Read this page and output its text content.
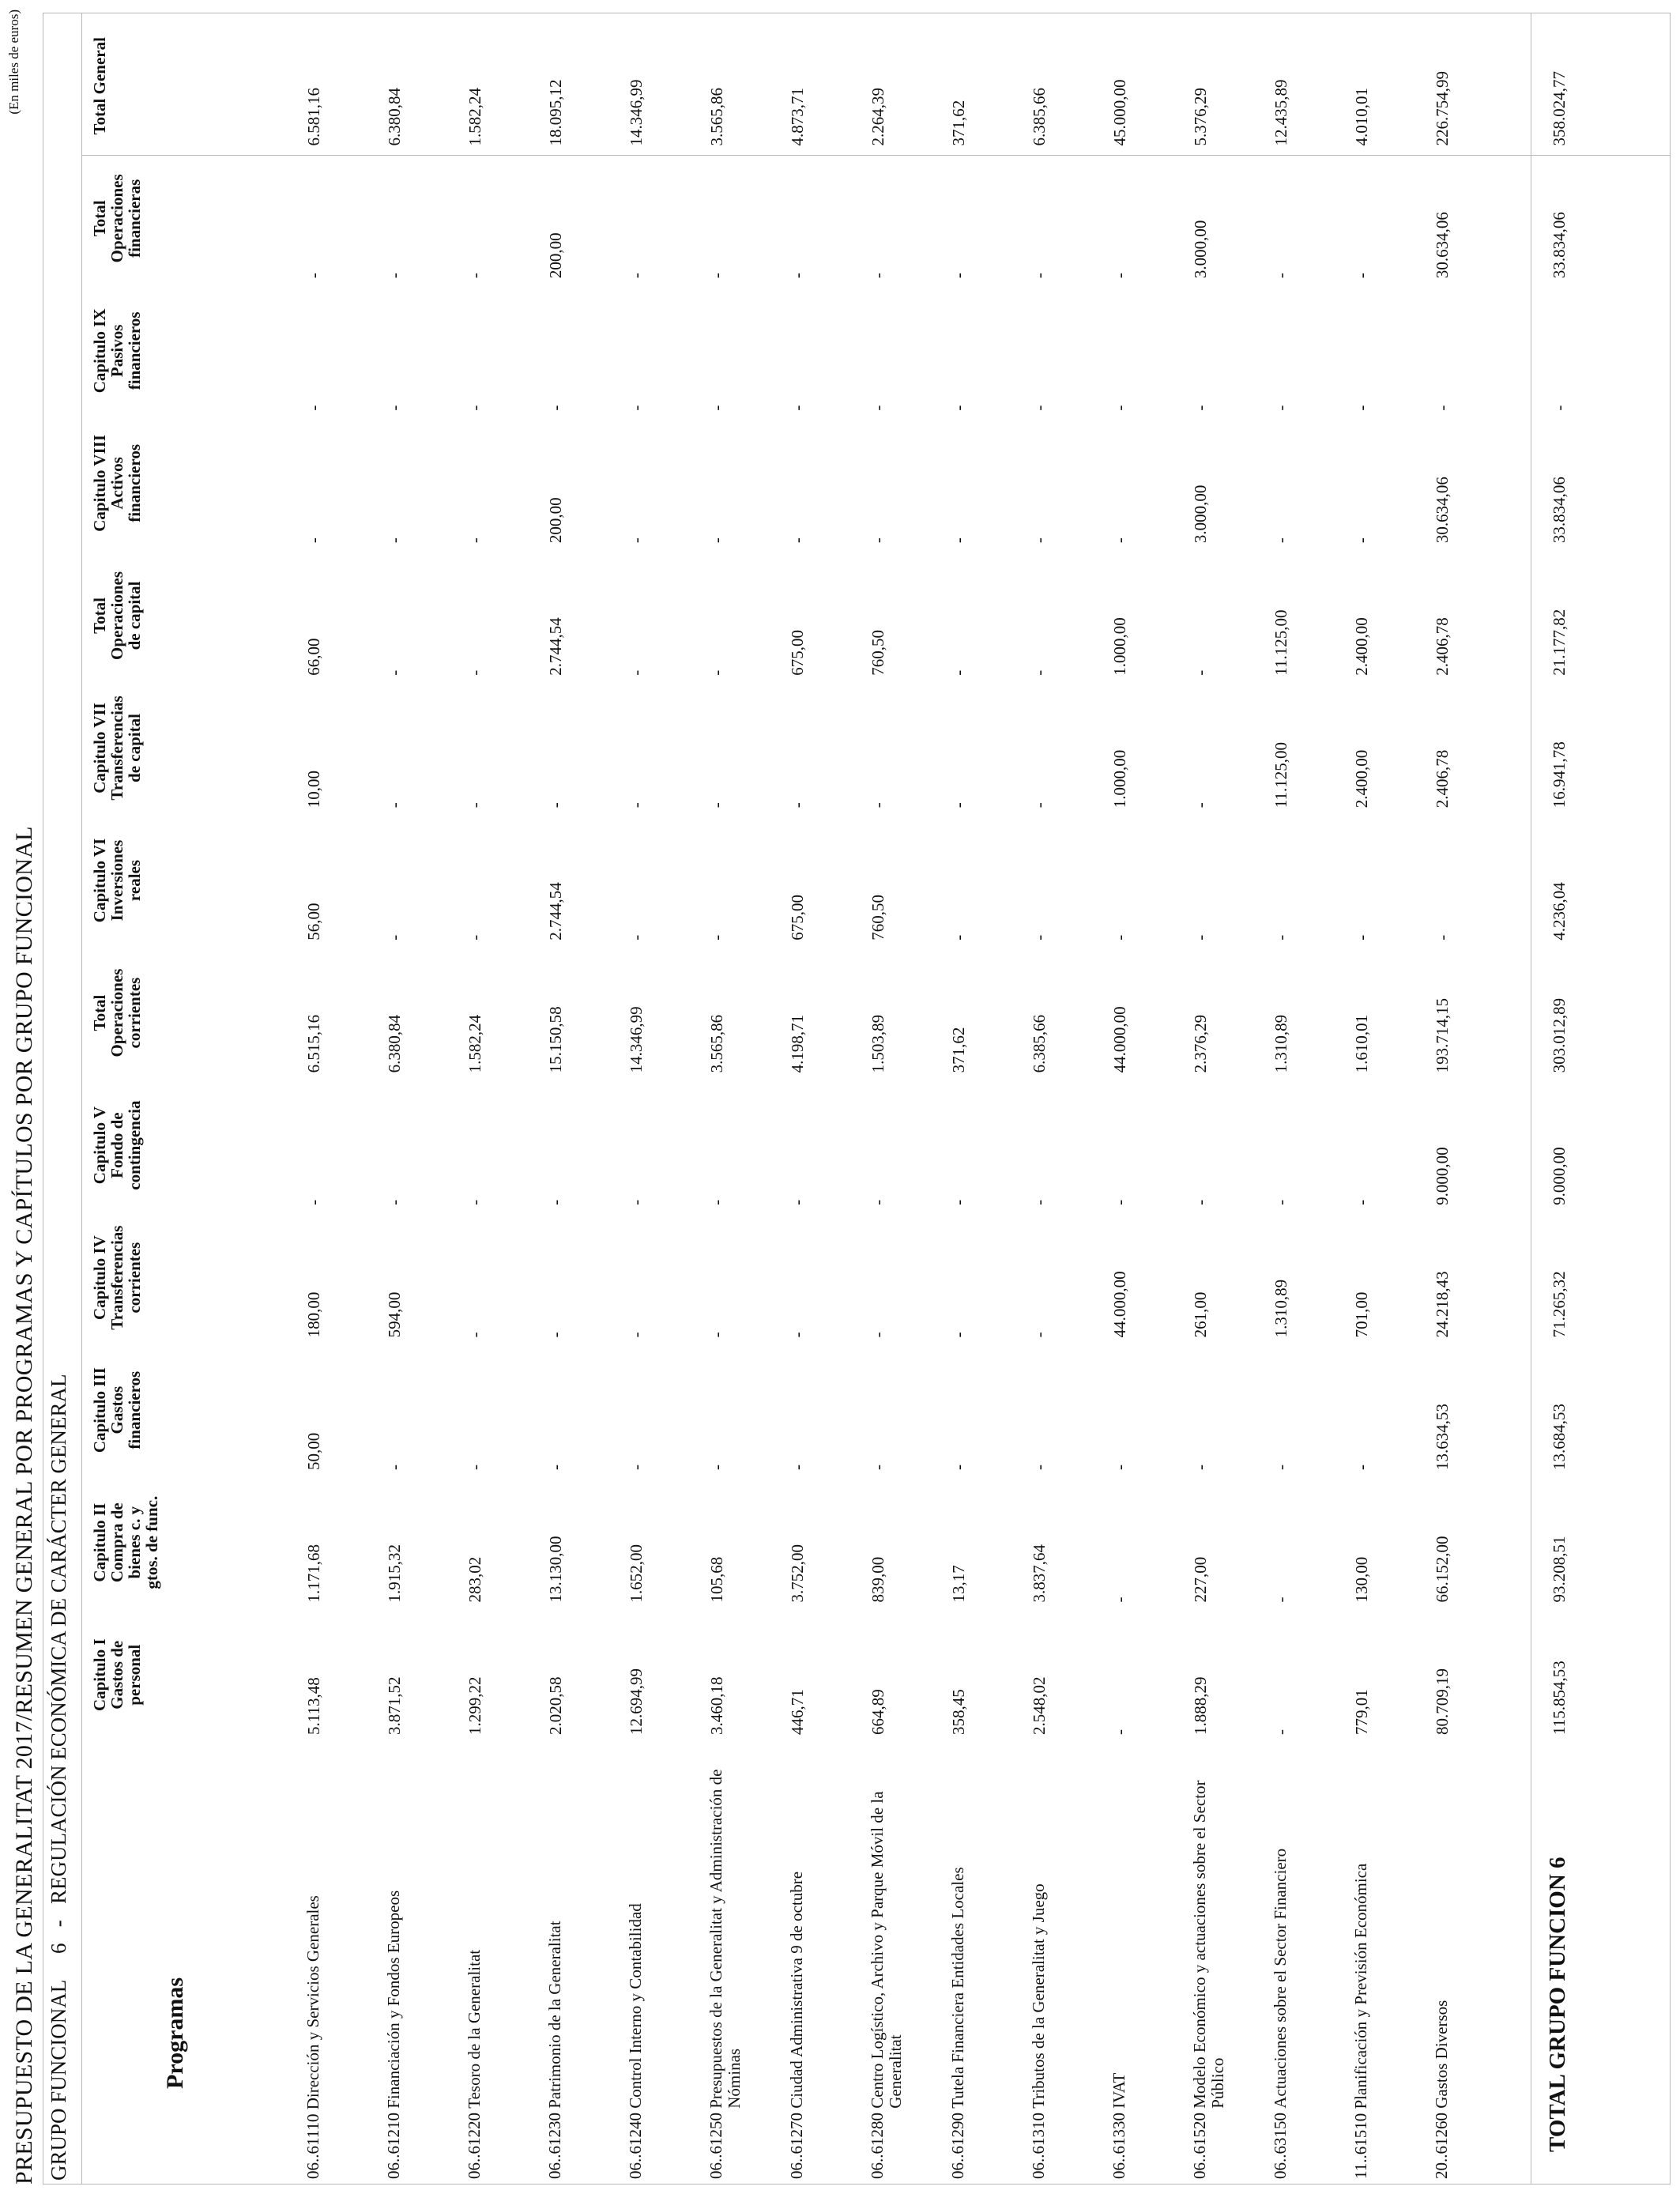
(En miles de euros)
PRESUPUESTO DE LA GENERALITAT 2017/RESUMEN GENERAL POR PROGRAMAS Y CAPÍTULOS POR GRUPO FUNCIONAL GRUPO FUNCIONAL     6   -   REGULACIÓN ECONÓMICA DE CARÁCTER GENERAL Capitulo I
Gastos de
personal
Capitulo II
Compra de
bienes c. y
gtos. de func.
Capitulo III
Gastos
financieros
Capitulo IV
Transferencias
corrientes
Capitulo V
Fondo de
contingencia
Total
Operaciones
corrientes
Capitulo VI
Inversiones
reales
Capitulo VII
Transferencias
de capital
Total
Operaciones
de capital
Capitulo VIII
Activos
financieros
Capitulo IX
Pasivos
financieros
Total
Operaciones
financieras
Total General
Programas
06..61110 Dirección y Servicios Generales
5.113,48
1.171,68
50,00
180,00
-
6.515,16
56,00
10,00
66,00
-
-
-
6.581,16
06..61210 Financiación y Fondos Europeos
3.871,52
1.915,32
-
594,00
-
6.380,84
-
-
-
-
-
-
6.380,84
06..61220 Tesoro de la Generalitat
1.299,22
283,02
-
-
-
1.582,24
-
-
-
-
-
-
1.582,24
06..61230 Patrimonio de la Generalitat
2.020,58
13.130,00
-
-
-
15.150,58
2.744,54
-
2.744,54
200,00
-
200,00
18.095,12
06..61240 Control Interno y Contabilidad
12.694,99
1.652,00
-
-
-
14.346,99
-
-
-
-
-
-
14.346,99
06..61250 Presupuestos de la Generalitat y Administración de Nóminas
3.460,18
105,68
-
-
-
3.565,86
-
-
-
-
-
-
3.565,86
06..61270 Ciudad Administrativa 9 de octubre
446,71
3.752,00
-
-
-
4.198,71
675,00
-
675,00
-
-
-
4.873,71
06..61280 Centro Logístico, Archivo y Parque Móvil de la Generalitat
664,89
839,00
-
-
-
1.503,89
760,50
-
760,50
-
-
-
2.264,39
06..61290 Tutela Financiera Entidades Locales
358,45
13,17
-
-
-
371,62
-
-
-
-
-
-
371,62
06..61310 Tributos de la Generalitat y Juego
2.548,02
3.837,64
-
-
-
6.385,66
-
-
-
-
-
-
6.385,66
06..61330 IVAT
-
-
-
44.000,00
-
44.000,00
-
1.000,00
1.000,00
-
-
-
45.000,00
06..61520 Modelo Económico y actuaciones sobre el Sector Público
1.888,29
227,00
-
261,00
-
2.376,29
-
-
-
3.000,00
-
3.000,00
5.376,29
06..63150 Actuaciones sobre el Sector Financiero
-
-
-
1.310,89
-
1.310,89
-
11.125,00
11.125,00
-
-
-
12.435,89
11..61510 Planificación y Previsión Económica
779,01
130,00
-
701,00
-
1.610,01
-
2.400,00
2.400,00
-
-
-
4.010,01
20..61260 Gastos Diversos
80.709,19
66.152,00
13.634,53
24.218,43
9.000,00
193.714,15
-
2.406,78
2.406,78
30.634,06
-
30.634,06
226.754,99
TOTAL GRUPO FUNCION 6
115.854,53
93.208,51
13.684,53
71.265,32
9.000,00
303.012,89
4.236,04
16.941,78
21.177,82
33.834,06
-
33.834,06
358.024,77
